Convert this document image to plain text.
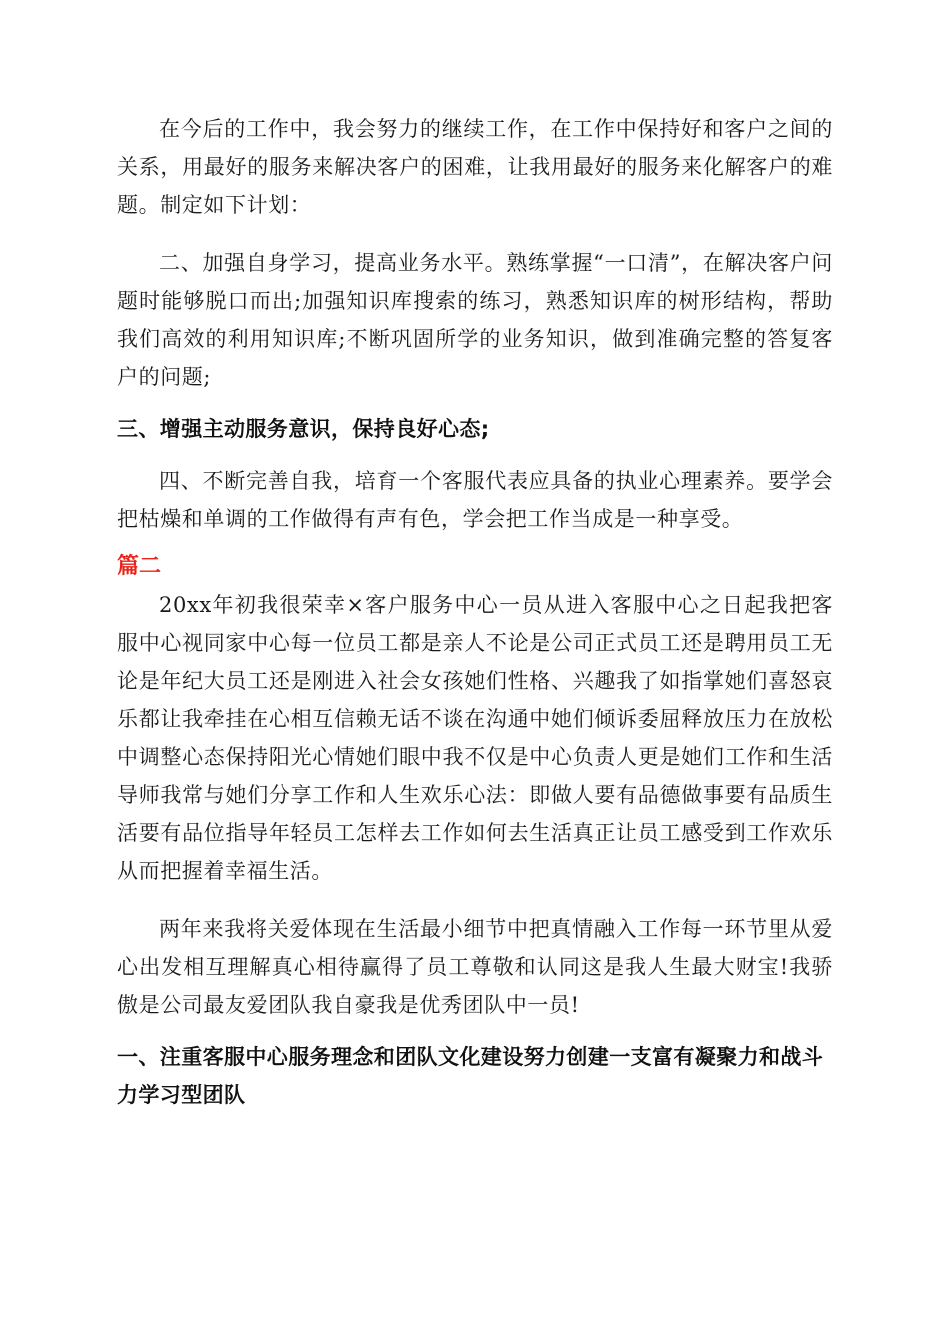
在今后的工作中，我会努力的继续工作，在工作中保持好和客户之间的关系，用最好的服务来解决客户的困难，让我用最好的服务来化解客户的难题。制定如下计划：

二、加强自身学习，提高业务水平。熟练掌握“一口清”，在解决客户问题时能够脱口而出;加强知识库搜索的练习，熟悉知识库的树形结构，帮助我们高效的利用知识库;不断巩固所学的业务知识，做到准确完整的答复客户的问题;

三、增强主动服务意识，保持良好心态;

四、不断完善自我，培育一个客服代表应具备的执业心理素养。要学会把枯燥和单调的工作做得有声有色，学会把工作当成是一种享受。

篇二

20xx年初我很荣幸×客户服务中心一员从进入客服中心之日起我把客服中心视同家中心每一位员工都是亲人不论是公司正式员工还是聘用员工无论是年纪大员工还是刚进入社会女孩她们性格、兴趣我了如指掌她们喜怒哀乐都让我牵挂在心相互信赖无话不谈在沟通中她们倾诉委屈释放压力在放松中调整心态保持阳光心情她们眼中我不仅是中心负责人更是她们工作和生活导师我常与她们分享工作和人生欢乐心法：即做人要有品德做事要有品质生活要有品位指导年轻员工怎样去工作如何去生活真正让员工感受到工作欢乐从而把握着幸福生活。

两年来我将关爱体现在生活最小细节中把真情融入工作每一环节里从爱心出发相互理解真心相待赢得了员工尊敬和认同这是我人生最大财宝!我骄傲是公司最友爱团队我自豪我是优秀团队中一员!

一、注重客服中心服务理念和团队文化建设努力创建一支富有凝聚力和战斗力学习型团队
